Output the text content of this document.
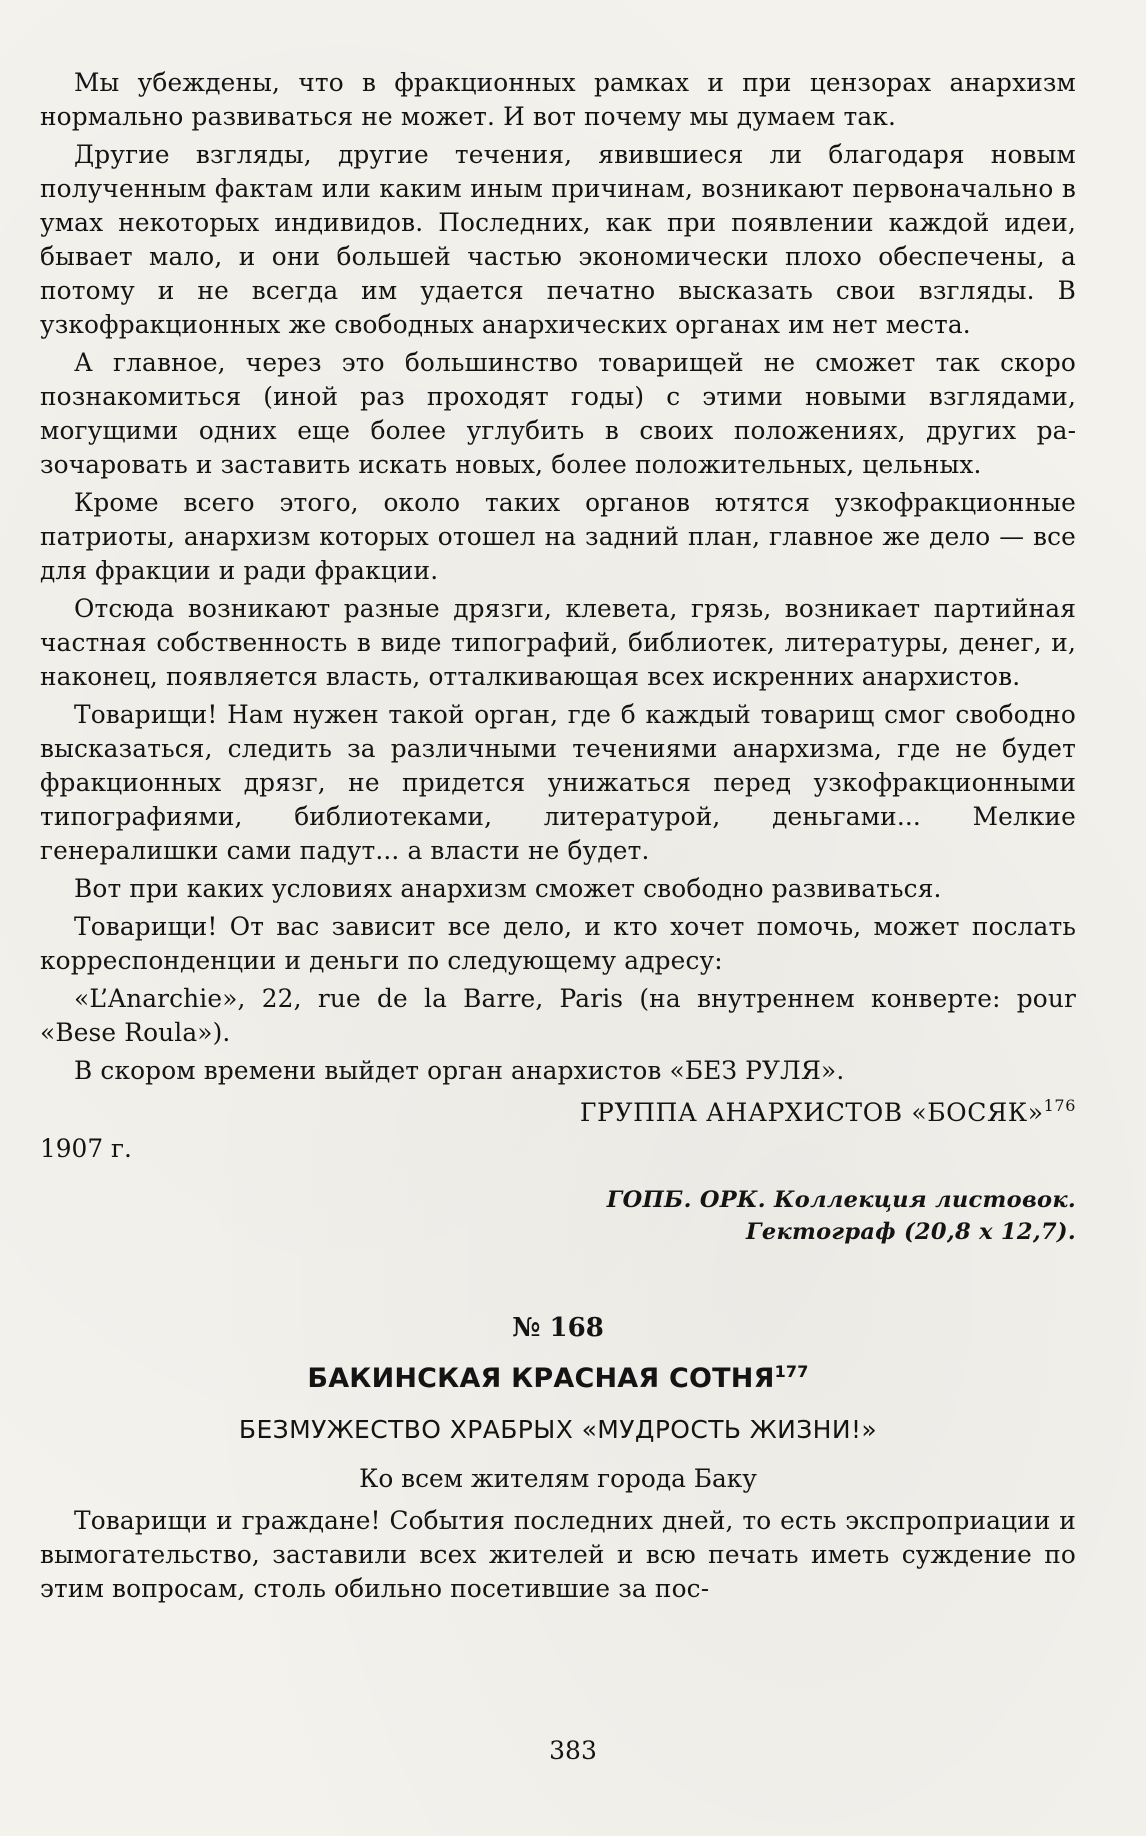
Мы убеждены, что в фракционных рамках и при цензорах анархизм нормально развиваться не может. И вот почему мы думаем так.

Другие взгляды, другие течения, явившиеся ли благодаря новым полученным фактам или каким иным причинам, возникают первоначально в умах некоторых индивидов. Последних, как при появлении каждой идеи, бывает мало, и они большей частью экономически плохо обеспечены, а потому и не всегда им удается печатно высказать свои взгляды. В узкофракционных же свободных анархических органах им нет места.

А главное, через это большинство товарищей не сможет так скоро познакомиться (иной раз проходят годы) с этими новыми взглядами, могущими одних еще более углубить в своих положениях, других разочаровать и заставить искать новых, более положительных, цельных.

Кроме всего этого, около таких органов ютятся узкофракционные патриоты, анархизм которых отошел на задний план, главное же дело — все для фракции и ради фракции.

Отсюда возникают разные дрязги, клевета, грязь, возникает партийная частная собственность в виде типографий, библиотек, литературы, денег, и, наконец, появляется власть, отталкивающая всех искренних анархистов.

Товарищи! Нам нужен такой орган, где б каждый товарищ смог свободно высказаться, следить за различными течениями анархизма, где не будет фракционных дрязг, не придется унижаться перед узкофракционными типографиями, библиотеками, литературой, деньгами... Мелкие генералишки сами падут... а власти не будет.

Вот при каких условиях анархизм сможет свободно развиваться.

Товарищи! От вас зависит все дело, и кто хочет помочь, может послать корреспонденции и деньги по следующему адресу:

«L’Anarchie», 22, rue de la Barre, Paris (на внутреннем конверте: pour «Bese Roula»).

В скором времени выйдет орган анархистов «БЕЗ РУЛЯ».

ГРУППА АНАРХИСТОВ «БОСЯК»$^{176}$

1907 г.

ГОПБ. ОРК. Коллекция листовок.
Гектограф (20,8 х 12,7).
№ 168
БАКИНСКАЯ КРАСНАЯ СОТНЯ$^{177}$
БЕЗМУЖЕСТВО ХРАБРЫХ «МУДРОСТЬ ЖИЗНИ!»
Ко всем жителям города Баку

Товарищи и граждане! События последних дней, то есть экспроприации и вымогательство, заставили всех жителей и всю печать иметь суждение по этим вопросам, столь обильно посетившие за пос-

383
